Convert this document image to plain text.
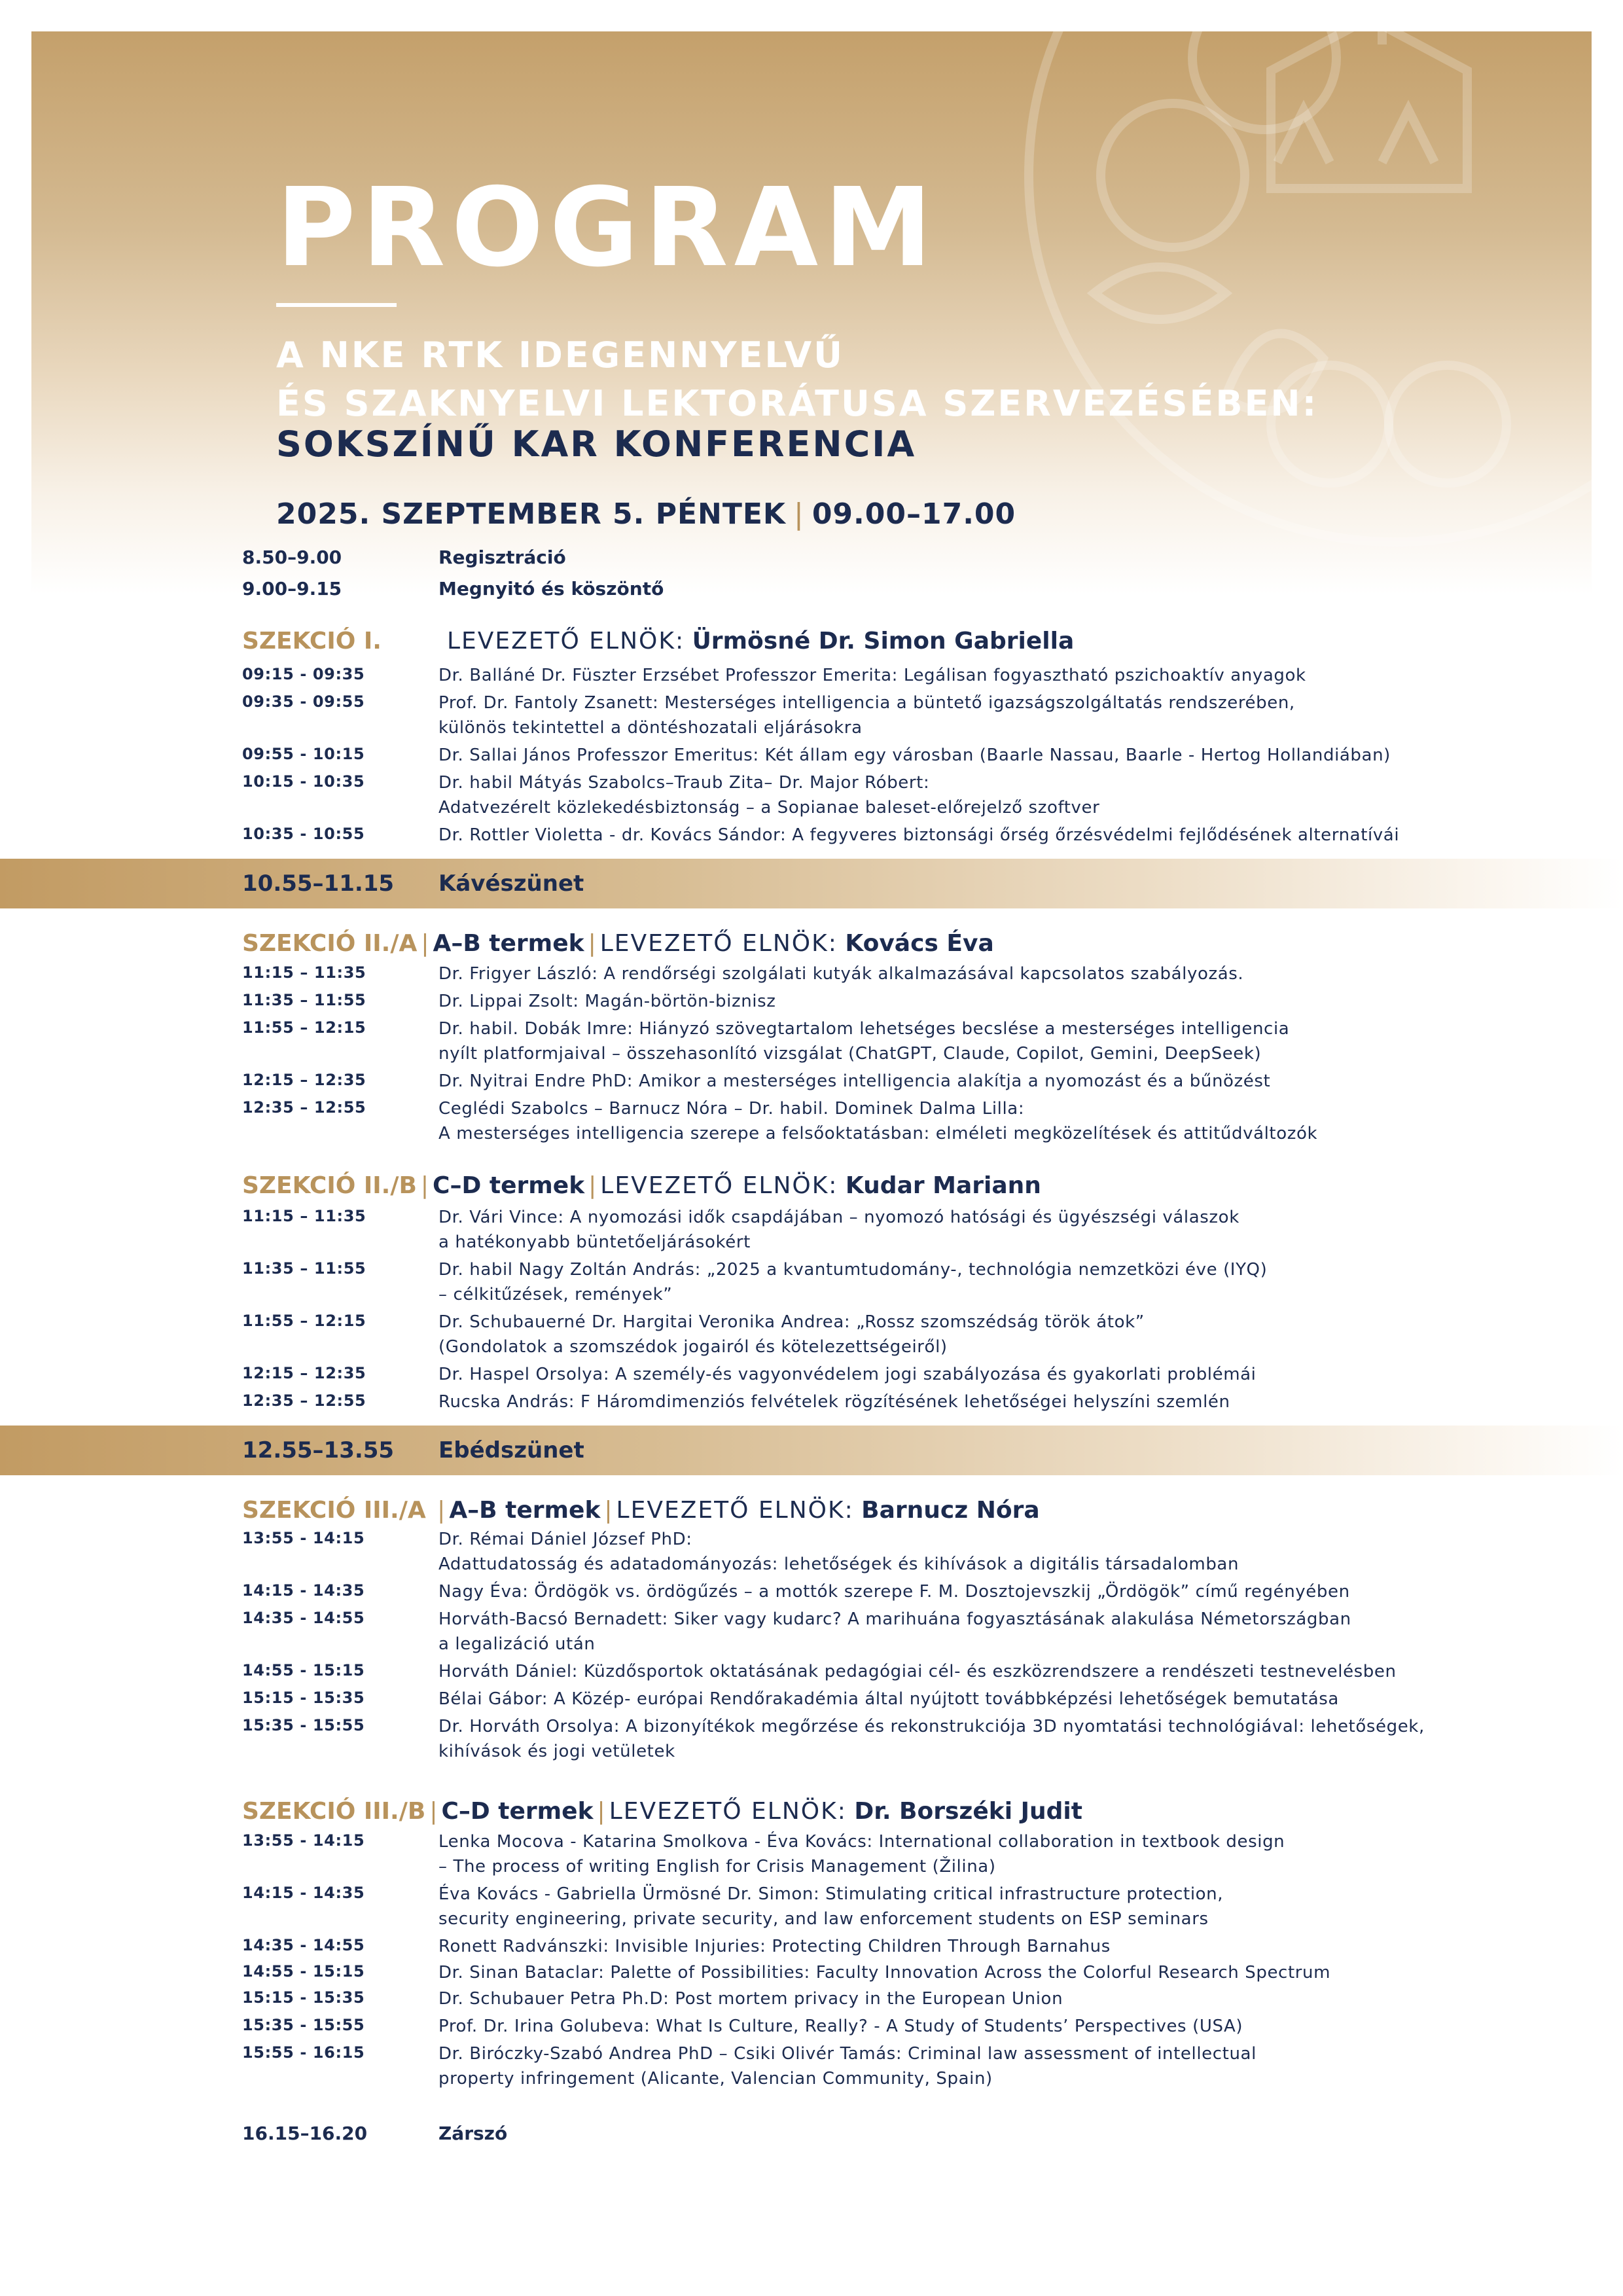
PROGRAM
A NKE RTK IDEGENNYELVŰ
ÉS SZAKNYELVI LEKTORÁTUSA SZERVEZÉSÉBEN:
SOKSZÍNŰ KAR KONFERENCIA
2025. SZEPTEMBER 5. PÉNTEK | 09.00–17.00
8.50–9.00	Regisztráció
9.00–9.15	Megnyitó és köszöntő
SZEKCIÓ I.	LEVEZETŐ ELNÖK: Ürmösné Dr. Simon Gabriella
09:15 - 09:35	Dr. Balláné Dr. Füszter Erzsébet Professzor Emerita: Legálisan fogyasztható pszichoaktív anyagok
09:35 - 09:55	Prof. Dr. Fantoly Zsanett: Mesterséges intelligencia a büntető igazságszolgáltatás rendszerében,
különös tekintettel a döntéshozatali eljárásokra
09:55 - 10:15	Dr. Sallai János Professzor Emeritus: Két állam egy városban (Baarle Nassau, Baarle - Hertog Hollandiában)
10:15 - 10:35	Dr. habil Mátyás Szabolcs–Traub Zita– Dr. Major Róbert:
Adatvezérelt közlekedésbiztonság – a Sopianae baleset-előrejelző szoftver
10:35 - 10:55	Dr. Rottler Violetta - dr. Kovács Sándor: A fegyveres biztonsági őrség őrzésvédelmi fejlődésének alternatívái
10.55–11.15 Kávészünet
SZEKCIÓ II./A | A–B termek | LEVEZETŐ ELNÖK: Kovács Éva
11:15 – 11:35	Dr. Frigyer László: A rendőrségi szolgálati kutyák alkalmazásával kapcsolatos szabályozás.
11:35 – 11:55	Dr. Lippai Zsolt: Magán-börtön-biznisz
11:55 – 12:15	Dr. habil. Dobák Imre: Hiányzó szövegtartalom lehetséges becslése a mesterséges intelligencia
nyílt platformjaival – összehasonlító vizsgálat (ChatGPT, Claude, Copilot, Gemini, DeepSeek)
12:15 – 12:35	Dr. Nyitrai Endre PhD: Amikor a mesterséges intelligencia alakítja a nyomozást és a bűnözést
12:35 – 12:55	Ceglédi Szabolcs – Barnucz Nóra – Dr. habil. Dominek Dalma Lilla:
A mesterséges intelligencia szerepe a felsőoktatásban: elméleti megközelítések és attitűdváltozók
SZEKCIÓ II./B | C–D termek | LEVEZETŐ ELNÖK: Kudar Mariann
11:15 – 11:35	Dr. Vári Vince: A nyomozási idők csapdájában – nyomozó hatósági és ügyészségi válaszok
a hatékonyabb büntetőeljárásokért
11:35 – 11:55	Dr. habil Nagy Zoltán András: „2025 a kvantumtudomány-, technológia nemzetközi éve (IYQ)
– célkitűzések, remények”
11:55 – 12:15	Dr. Schubauerné Dr. Hargitai Veronika Andrea: „Rossz szomszédság török átok”
(Gondolatok a szomszédok jogairól és kötelezettségeiről)
12:15 – 12:35	Dr. Haspel Orsolya: A személy-és vagyonvédelem jogi szabályozása és gyakorlati problémái
12:35 – 12:55	Rucska András: F Háromdimenziós felvételek rögzítésének lehetőségei helyszíni szemlén
12.55–13.55 Ebédszünet
SZEKCIÓ III./A | A–B termek | LEVEZETŐ ELNÖK: Barnucz Nóra
13:55 - 14:15	Dr. Rémai Dániel József PhD:
Adattudatosság és adatadományozás: lehetőségek és kihívások a digitális társadalomban
14:15 - 14:35	Nagy Éva: Ördögök vs. ördögűzés – a mottók szerepe F. M. Dosztojevszkij „Ördögök” című regényében
14:35 - 14:55	Horváth-Bacsó Bernadett: Siker vagy kudarc? A marihuána fogyasztásának alakulása Németországban
a legalizáció után
14:55 - 15:15	Horváth Dániel: Küzdősportok oktatásának pedagógiai cél- és eszközrendszere a rendészeti testnevelésben
15:15 - 15:35	Bélai Gábor: A Közép- európai Rendőrakadémia által nyújtott továbbképzési lehetőségek bemutatása
15:35 - 15:55	Dr. Horváth Orsolya: A bizonyítékok megőrzése és rekonstrukciója 3D nyomtatási technológiával: lehetőségek,
kihívások és jogi vetületek
SZEKCIÓ III./B | C–D termek | LEVEZETŐ ELNÖK: Dr. Borszéki Judit
13:55 - 14:15	Lenka Mocova - Katarina Smolkova - Éva Kovács: International collaboration in textbook design
– The process of writing English for Crisis Management (Žilina)
14:15 - 14:35	Éva Kovács - Gabriella Ürmösné Dr. Simon: Stimulating critical infrastructure protection,
security engineering, private security, and law enforcement students on ESP seminars
14:35 - 14:55	Ronett Radvánszki: Invisible Injuries: Protecting Children Through Barnahus
14:55 - 15:15	Dr. Sinan Bataclar: Palette of Possibilities: Faculty Innovation Across the Colorful Research Spectrum
15:15 - 15:35	Dr. Schubauer Petra Ph.D: Post mortem privacy in the European Union
15:35 - 15:55	Prof. Dr. Irina Golubeva: What Is Culture, Really? - A Study of Students’ Perspectives (USA)
15:55 - 16:15	Dr. Biróczky-Szabó Andrea PhD – Csiki Olivér Tamás: Criminal law assessment of intellectual
property infringement (Alicante, Valencian Community, Spain)
16.15–16.20	Zárszó
